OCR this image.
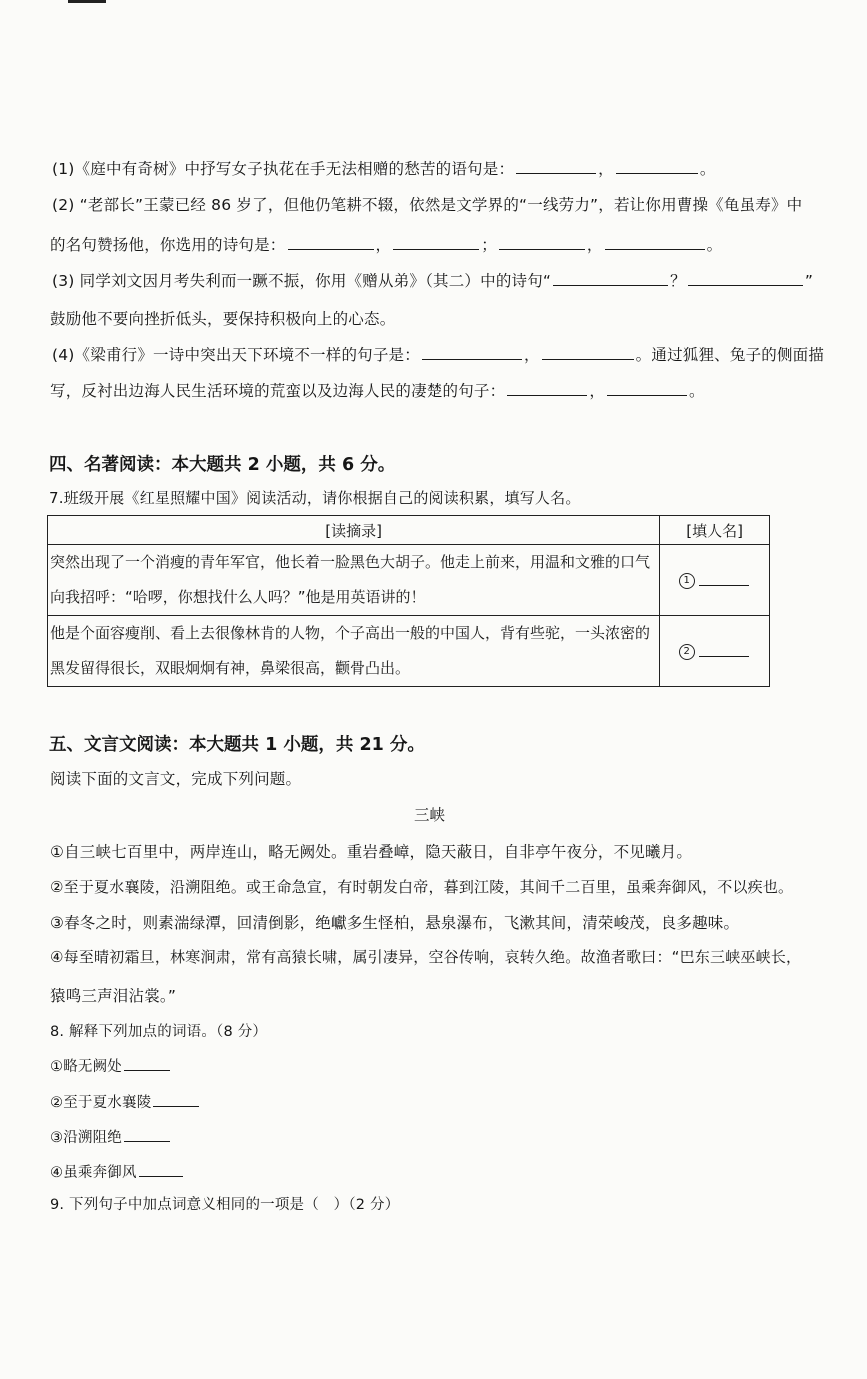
(1)《庭中有奇树》中抒写女子执花在手无法相赠的愁苦的语句是：	，	。
(2) “老部长”王蒙已经 86 岁了，但他仍笔耕不辍，依然是文学界的“一线劳力”，若让你用曹操《龟虽寿》中
的名句赞扬他，你选用的诗句是：	，	；	，	。
(3) 同学刘文因月考失利而一蹶不振，你用《赠从弟》（其二）中的诗句“	？	”
鼓励他不要向挫折低头，要保持积极向上的心态。
(4)《梁甫行》一诗中突出天下环境不一样的句子是：	，	。通过狐狸、兔子的侧面描
写，反衬出边海人民生活环境的荒蛮以及边海人民的凄楚的句子：	，	。
四、名著阅读：本大题共 2 小题，共 6 分。
7.班级开展《红星照耀中国》阅读活动，请你根据自己的阅读积累，填写人名。
[读摘录]	[填人名]

突然出现了一个消瘦的青年军官，他长着一脸黑色大胡子。他走上前来，用温和文雅的口气
向我招呼：“哈啰，你想找什么人吗？”他是用英语讲的！	1

他是个面容瘦削、看上去很像林肯的人物，个子高出一般的中国人，背有些驼，一头浓密的
黑发留得很长，双眼炯炯有神，鼻梁很高，颧骨凸出。	2
五、文言文阅读：本大题共 1 小题，共 21 分。
阅读下面的文言文，完成下列问题。
三峡
①自三峡七百里中，两岸连山，略无阙处。重岩叠嶂，隐天蔽日，自非亭午夜分，不见曦月。
②至于夏水襄陵，沿溯阻绝。或王命急宣，有时朝发白帝，暮到江陵，其间千二百里，虽乘奔御风，不以疾也。
③春冬之时，则素湍绿潭，回清倒影，绝巘多生怪柏，悬泉瀑布，飞漱其间，清荣峻茂，良多趣味。
④每至晴初霜旦，林寒涧肃，常有高猿长啸，属引凄异，空谷传响，哀转久绝。故渔者歌曰：“巴东三峡巫峡长，
猿鸣三声泪沾裳。”
8. 解释下列加点的词语。（8 分）
①略无阙处
②至于夏水襄陵
③沿溯阻绝
④虽乘奔御风
9. 下列句子中加点词意义相同的一项是（　）（2 分）
